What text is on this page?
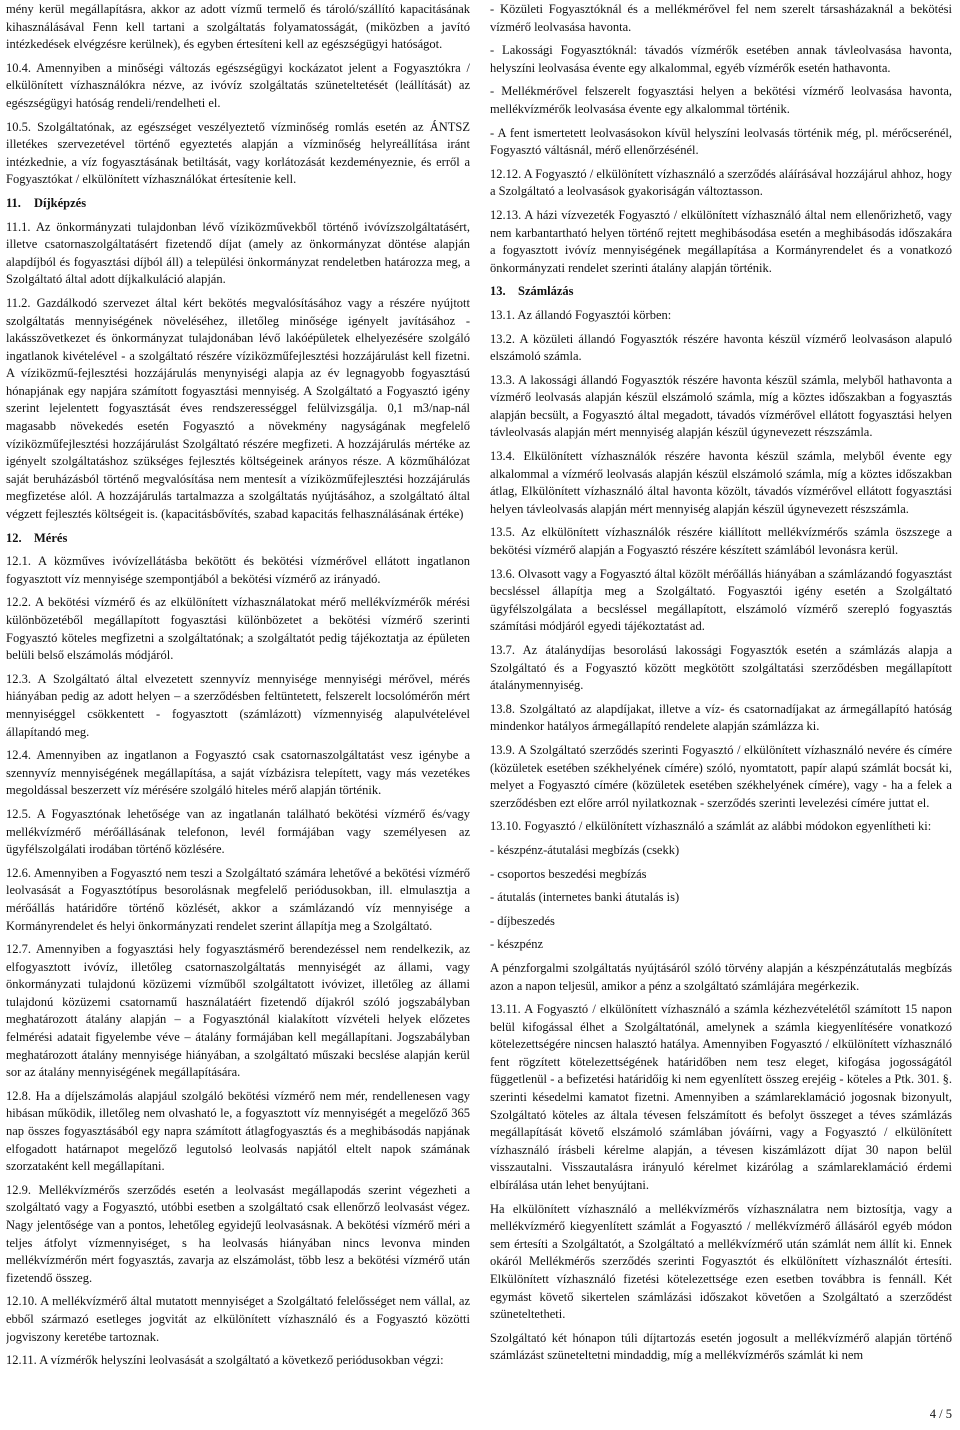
mény kerül megállapításra, akkor az adott vízmű termelő és tároló/szállító kapacitásának kihasználásával Fenn kell tartani a szolgáltatás folyamatosságát, (miközben a javító intézkedések elvégzésre kerülnek), és egyben értesíteni kell az egészségügyi hatóságot.

10.4. Amennyiben a minőségi változás egészségügyi kockázatot jelent a Fogyasztókra / elkülönített vízhasználókra nézve, az ivóvíz szolgáltatás szüneteltetését (leállítását) az egészségügyi hatóság rendeli/rendelheti el.

10.5. Szolgáltatónak, az egészséget veszélyeztető vízminőség romlás esetén az ÁNTSZ illetékes szervezetével történő egyeztetés alapján a vízminőség helyreállítása iránt intézkednie, a víz fogyasztásának betiltását, vagy korlátozását kezdeményeznie, és erről a Fogyasztókat / elkülönített vízhasználókat értesítenie kell.

11. Díjképzés

11.1. Az önkormányzati tulajdonban lévő víziközművekből történő ivóvízszolgáltatásért, illetve csatornaszolgáltatásért fizetendő díjat (amely az önkormányzat döntése alapján alapdíjból és fogyasztási díjból áll) a települési önkormányzat rendeletben határozza meg, a Szolgáltató által adott díjkalkuláció alapján.

11.2. Gazdálkodó szervezet által kért bekötés megvalósításához vagy a részére nyújtott szolgáltatás mennyiségének növeléséhez, illetőleg minősége igényelt javításához - lakásszövetkezet és önkormányzat tulajdonában lévő lakóépületek elhelyezésére szolgáló ingatlanok kivételével - a szolgáltató részére víziközműfejlesztési hozzájárulást kell fizetni. A víziközmű-fejlesztési hozzájárulás menynyiségi alapja az év legnagyobb fogyasztású hónapjának egy napjára számított fogyasztási mennyiség. A Szolgáltató a Fogyasztó igény szerint lejelentett fogyasztását éves rendszerességgel felülvizsgálja. 0,1 m3/nap-nál magasabb növekedés esetén Fogyasztó a növekmény nagyságának megfelelő víziközműfejlesztési hozzájárulást Szolgáltató részére megfizeti. A hozzájárulás mértéke az igényelt szolgáltatáshoz szükséges fejlesztés költségeinek arányos része. A közműhálózat saját beruházásból történő megvalósítása nem mentesít a víziközműfejlesztési hozzájárulás megfizetése alól. A hozzájárulás tartalmazza a szolgáltatás nyújtásához, a szolgáltató által végzett fejlesztés költségeit is. (kapacitásbővítés, szabad kapacitás felhasználásának értéke)

12. Mérés

12.1. A közműves ivóvízellátásba bekötött és bekötési vízmérővel ellátott ingatlanon fogyasztott víz mennyisége szempontjából a bekötési vízmérő az irányadó.

12.2. A bekötési vízmérő és az elkülönített vízhasználatokat mérő mellékvízmérők mérési különbözetéből megállapított fogyasztási különbözetet a bekötési vízmérő szerinti Fogyasztó köteles megfizetni a szolgáltatónak; a szolgáltatót pedig tájékoztatja az épületen belüli belső elszámolás módjáról.

12.3. A Szolgáltató által elvezetett szennyvíz mennyisége mennyiségi mérővel, mérés hiányában pedig az adott helyen – a szerződésben feltüntetett, felszerelt locsolómérőn mért mennyiséggel csökkentett - fogyasztott (számlázott) vízmennyiség alapulvételével állapítandó meg.

12.4. Amennyiben az ingatlanon a Fogyasztó csak csatornaszolgáltatást vesz igénybe a szennyvíz mennyiségének megállapítása, a saját vízbázisra telepített, vagy más vezetékes megoldással beszerzett víz mérésére szolgáló hiteles mérő alapján történik.

12.5. A Fogyasztónak lehetősége van az ingatlanán található bekötési vízmérő és/vagy mellékvízmérő mérőállásának telefonon, levél formájában vagy személyesen az ügyfélszolgálati irodában történő közlésére.

12.6. Amennyiben a Fogyasztó nem teszi a Szolgáltató számára lehetővé a bekötési vízmérő leolvasását a Fogyasztótípus besorolásnak megfelelő periódusokban, ill. elmulasztja a mérőállás határidőre történő közlését, akkor a számlázandó víz mennyisége a Kormányrendelet és helyi önkormányzati rendelet szerint állapítja meg a Szolgáltató.

12.7. Amennyiben a fogyasztási hely fogyasztásmérő berendezéssel nem rendelkezik, az elfogyasztott ivóvíz, illetőleg csatornaszolgáltatás mennyiségét az állami, vagy önkormányzati tulajdonú közüzemi vízműből szolgáltatott ivóvizet, illetőleg az állami tulajdonú közüzemi csatornamű használatáért fizetendő díjakról szóló jogszabályban meghatározott átalány alapján – a Fogyasztónál kialakított vízvételi helyek előzetes felmérési adatait figyelembe véve – átalány formájában kell megállapítani. Jogszabályban meghatározott átalány mennyisége hiányában, a szolgáltató műszaki becslése alapján kerül sor az átalány mennyiségének megállapítására.

12.8. Ha a díjelszámolás alapjául szolgáló bekötési vízmérő nem mér, rendellenesen vagy hibásan működik, illetőleg nem olvasható le, a fogyasztott víz mennyiségét a megelőző 365 nap összes fogyasztásából egy napra számított átlagfogyasztás és a meghibásodás napjának elfogadott határnapot megelőző legutolsó leolvasás napjától eltelt napok számának szorzataként kell megállapítani.

12.9. Mellékvízmérős szerződés esetén a leolvasást megállapodás szerint végezheti a szolgáltató vagy a Fogyasztó, utóbbi esetben a szolgáltató csak ellenőrző leolvasást végez. Nagy jelentősége van a pontos, lehetőleg egyidejű leolvasásnak. A bekötési vízmérő méri a teljes átfolyt vízmennyiséget, s ha leolvasás hiányában nincs levonva minden mellékvízmérőn mért fogyasztás, zavarja az elszámolást, több lesz a bekötési vízmérő után fizetendő összeg.

12.10. A mellékvízmérő által mutatott mennyiséget a Szolgáltató felelősséget nem vállal, az ebből származó esetleges jogvitát az elkülönített vízhasználó és a Fogyasztó közötti jogviszony keretébe tartoznak.

12.11. A vízmérők helyszíni leolvasását a szolgáltató a következő periódusokban végzi:

- Közületi Fogyasztóknál és a mellékmérővel fel nem szerelt társasházaknál a bekötési vízmérő leolvasása havonta.

- Lakossági Fogyasztóknál: távadós vízmérők esetében annak távleolvasása havonta, helyszíni leolvasása évente egy alkalommal, egyéb vízmérők esetén hathavonta.

- Mellékmérővel felszerelt fogyasztási helyen a bekötési vízmérő leolvasása havonta, mellékvízmérők leolvasása évente egy alkalommal történik.

- A fent ismertetett leolvasásokon kívül helyszíni leolvasás történik még, pl. mérőcserénél, Fogyasztó váltásnál, mérő ellenőrzésénél.

12.12. A Fogyasztó / elkülönített vízhasználó a szerződés aláírásával hozzájárul ahhoz, hogy a Szolgáltató a leolvasások gyakoriságán változtasson.

12.13. A házi vízvezeték Fogyasztó / elkülönített vízhasználó által nem ellenőrizhető, vagy nem karbantartható helyen történő rejtett meghibásodása esetén a meghibásodás időszakára a fogyasztott ivóvíz mennyiségének megállapítása a Kormányrendelet és a vonatkozó önkormányzati rendelet szerinti átalány alapján történik.

13. Számlázás

13.1. Az állandó Fogyasztói körben:

13.2. A közületi állandó Fogyasztók részére havonta készül vízmérő leolvasáson alapuló elszámoló számla.

13.3. A lakossági állandó Fogyasztók részére havonta készül számla, melyből hathavonta a vízmérő leolvasás alapján készül elszámoló számla, míg a köztes időszakban a fogyasztás alapján becsült, a Fogyasztó által megadott, távadós vízmérővel ellátott fogyasztási helyen távleolvasás alapján mért mennyiség alapján készül úgynevezett részszámla.

13.4. Elkülönített vízhasználók részére havonta készül számla, melyből évente egy alkalommal a vízmérő leolvasás alapján készül elszámoló számla, míg a köztes időszakban átlag, Elkülönített vízhasználó által havonta közölt, távadós vízmérővel ellátott fogyasztási helyen távleolvasás alapján mért mennyiség alapján készül úgynevezett részszámla.

13.5. Az elkülönített vízhasználók részére kiállított mellékvízmérős számla öszszege a bekötési vízmérő alapján a Fogyasztó részére készített számlából levonásra kerül.

13.6. Olvasott vagy a Fogyasztó által közölt mérőállás hiányában a számlázandó fogyasztást becsléssel állapítja meg a Szolgáltató. Fogyasztói igény esetén a Szolgáltató ügyfélszolgálata a becsléssel megállapított, elszámoló vízmérő szerepló fogyasztás számítási módjáról egyedi tájékoztatást ad.

13.7. Az átalánydíjas besorolású lakossági Fogyasztók esetén a számlázás alapja a Szolgáltató és a Fogyasztó között megkötött szolgáltatási szerződésben megállapított átalánymennyiség.

13.8. Szolgáltató az alapdíjakat, illetve a víz- és csatornadíjakat az ármegállapító hatóság mindenkor hatályos ármegállapító rendelete alapján számlázza ki.

13.9. A Szolgáltató szerződés szerinti Fogyasztó / elkülönített vízhasználó nevére és címére (közületek esetében székhelyének címére) szóló, nyomtatott, papír alapú számlát bocsát ki, melyet a Fogyasztó címére (közületek esetében székhelyének címére), vagy - ha a felek a szerződésben ezt előre arról nyilatkoznak - szerződés szerinti levelezési címére juttat el.

13.10. Fogyasztó / elkülönített vízhasználó a számlát az alábbi módokon egyenlítheti ki:

- készpénz-átutalási megbízás (csekk)

- csoportos beszedési megbízás

- átutalás (internetes banki átutalás is)

- díjbeszedés

- készpénz

A pénzforgalmi szolgáltatás nyújtásáról szóló törvény alapján a készpénzátutalás megbízás azon a napon teljesül, amikor a pénz a szolgáltató számlájára megérkezik.

13.11. A Fogyasztó / elkülönített vízhasználó a számla kézhezvételétől számított 15 napon belül kifogással élhet a Szolgáltatónál, amelynek a számla kiegyenlítésére vonatkozó kötelezettségére nincsen halasztó hatálya. Amennyiben Fogyasztó / elkülönített vízhasználó fent rögzített kötelezettségének határidőben nem tesz eleget, kifogása jogosságától függetlenül - a befizetési határidőig ki nem egyenlített összeg erejéig - köteles a Ptk. 301. §. szerinti késedelmi kamatot fizetni. Amennyiben a számlareklamáció jogosnak bizonyult, Szolgáltató köteles az általa tévesen felszámított és befolyt összeget a téves számlázás megállapítását követő elszámoló számlában jóváírni, vagy a Fogyasztó / elkülönített vízhasználó írásbeli kérelme alapján, a tévesen kiszámlázott díjat 30 napon belül visszautalni. Visszautalásra irányuló kérelmet kizárólag a számlareklamáció érdemi elbírálása után lehet benyújtani.

Ha elkülönített vízhasználó a mellékvízmérős vízhasználatra nem biztosítja, vagy a mellékvízmérő kiegyenlített számlát a Fogyasztó / mellékvízmérő állásáról egyéb módon sem értesíti a Szolgáltatót, a Szolgáltató a mellékvízmérő után számlát nem állít ki. Ennek okáról Mellékmérős szerződés szerinti Fogyasztót és elkülönített vízhasználót értesíti. Elkülönített vízhasználó fizetési kötelezettsége ezen esetben továbbra is fennáll. Két egymást követő sikertelen számlázási időszakot követően a Szolgáltató a szerződést szüneteltetheti.

Szolgáltató két hónapon túli díjtartozás esetén jogosult a mellékvízmérő alapján történő számlázást szüneteltetni mindaddig, míg a mellékvízmérős számlát ki nem

4 / 5
